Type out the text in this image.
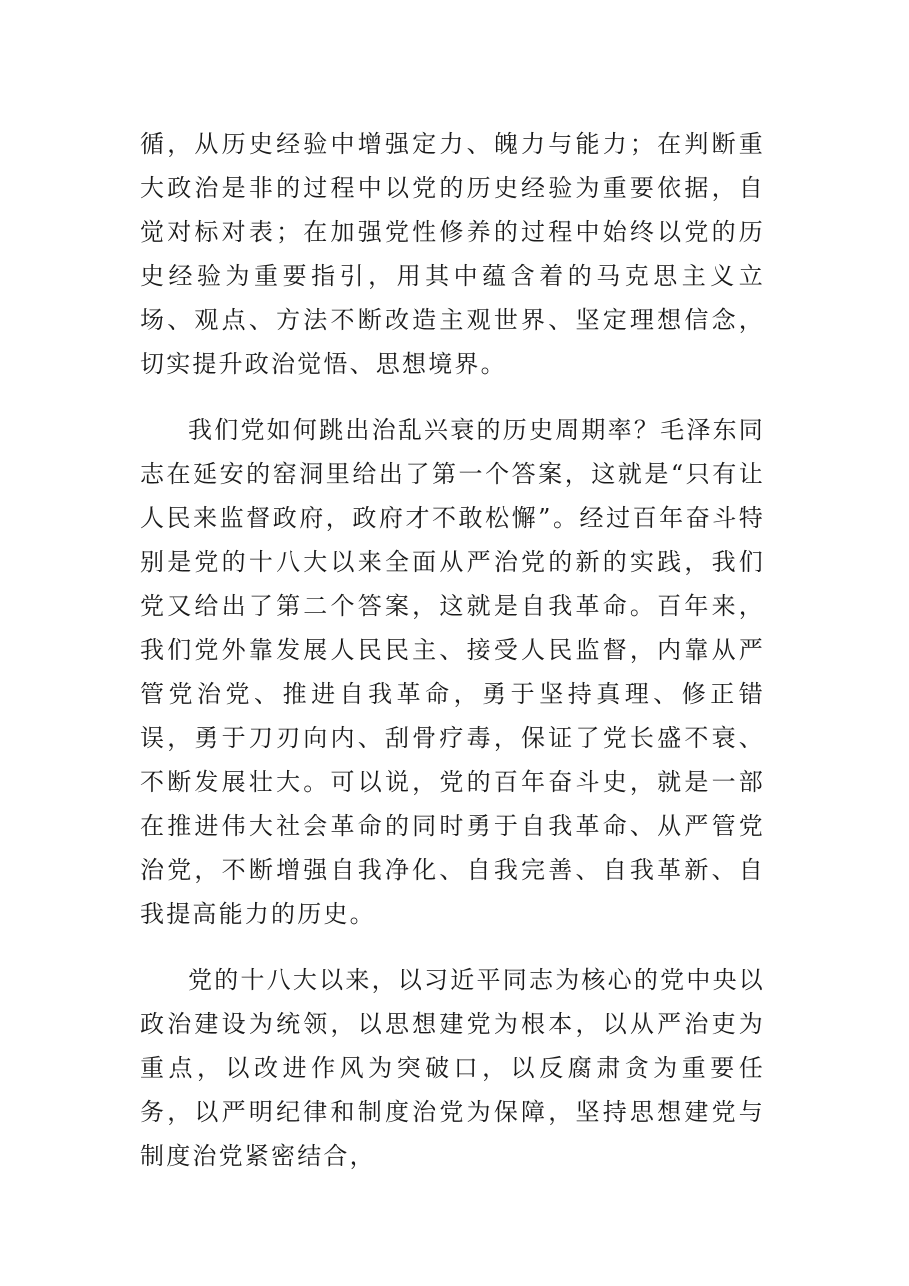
循，从历史经验中增强定力、魄力与能力；在判断重大政治是非的过程中以党的历史经验为重要依据，自觉对标对表；在加强党性修养的过程中始终以党的历史经验为重要指引，用其中蕴含着的马克思主义立场、观点、方法不断改造主观世界、坚定理想信念，切实提升政治觉悟、思想境界。

我们党如何跳出治乱兴衰的历史周期率？毛泽东同志在延安的窑洞里给出了第一个答案，这就是“只有让人民来监督政府，政府才不敢松懈”。经过百年奋斗特别是党的十八大以来全面从严治党的新的实践，我们党又给出了第二个答案，这就是自我革命。百年来，我们党外靠发展人民民主、接受人民监督，内靠从严管党治党、推进自我革命，勇于坚持真理、修正错误，勇于刀刃向内、刮骨疗毒，保证了党长盛不衰、不断发展壮大。可以说，党的百年奋斗史，就是一部在推进伟大社会革命的同时勇于自我革命、从严管党治党，不断增强自我净化、自我完善、自我革新、自我提高能力的历史。

党的十八大以来，以习近平同志为核心的党中央以政治建设为统领，以思想建党为根本，以从严治吏为重点，以改进作风为突破口，以反腐肃贪为重要任务，以严明纪律和制度治党为保障，坚持思想建党与制度治党紧密结合，
